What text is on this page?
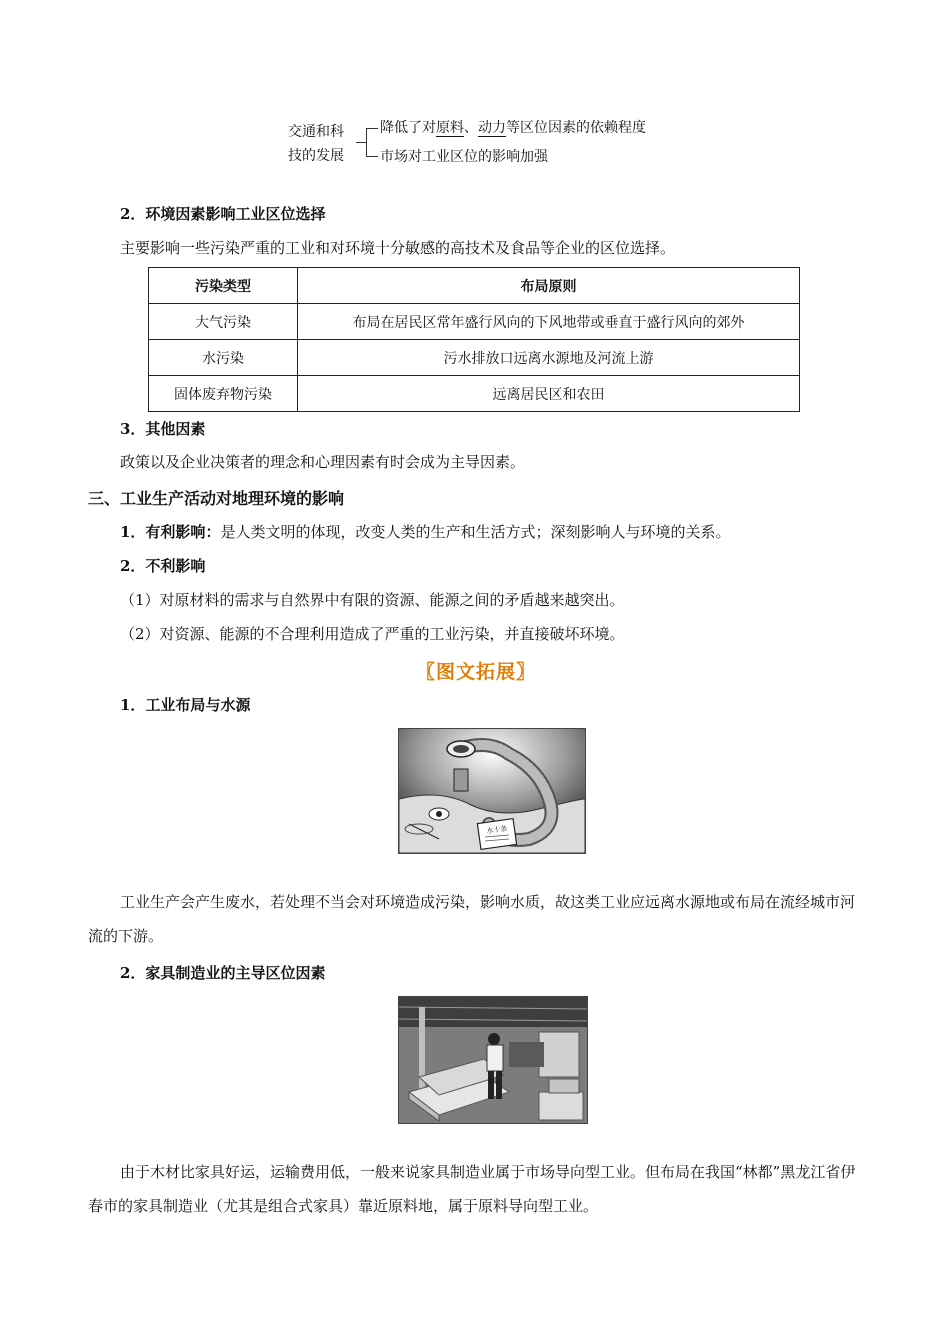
交通和科
技的发展
降低了对原料、动力等区位因素的依赖程度
市场对工业区位的影响加强
2．环境因素影响工业区位选择
主要影响一些污染严重的工业和对环境十分敏感的高技术及食品等企业的区位选择。
污染类型	布局原则
大气污染	布局在居民区常年盛行风向的下风地带或垂直于盛行风向的郊外
水污染	污水排放口远离水源地及河流上游
固体废弃物污染	远离居民区和农田
3．其他因素
政策以及企业决策者的理念和心理因素有时会成为主导因素。
三、工业生产活动对地理环境的影响
1．有利影响：是人类文明的体现，改变人类的生产和生活方式；深刻影响人与环境的关系。
2．不利影响
（1）对原材料的需求与自然界中有限的资源、能源之间的矛盾越来越突出。
（2）对资源、能源的不合理利用造成了严重的工业污染，并直接破坏环境。
〖图文拓展〗
1．工业布局与水源
水十条
工业生产会产生废水，若处理不当会对环境造成污染，影响水质，故这类工业应远离水源地或布局在流经城市河流的下游。
2．家具制造业的主导区位因素
由于木材比家具好运，运输费用低，一般来说家具制造业属于市场导向型工业。但布局在我国“林都”黑龙江省伊春市的家具制造业（尤其是组合式家具）靠近原料地，属于原料导向型工业。
